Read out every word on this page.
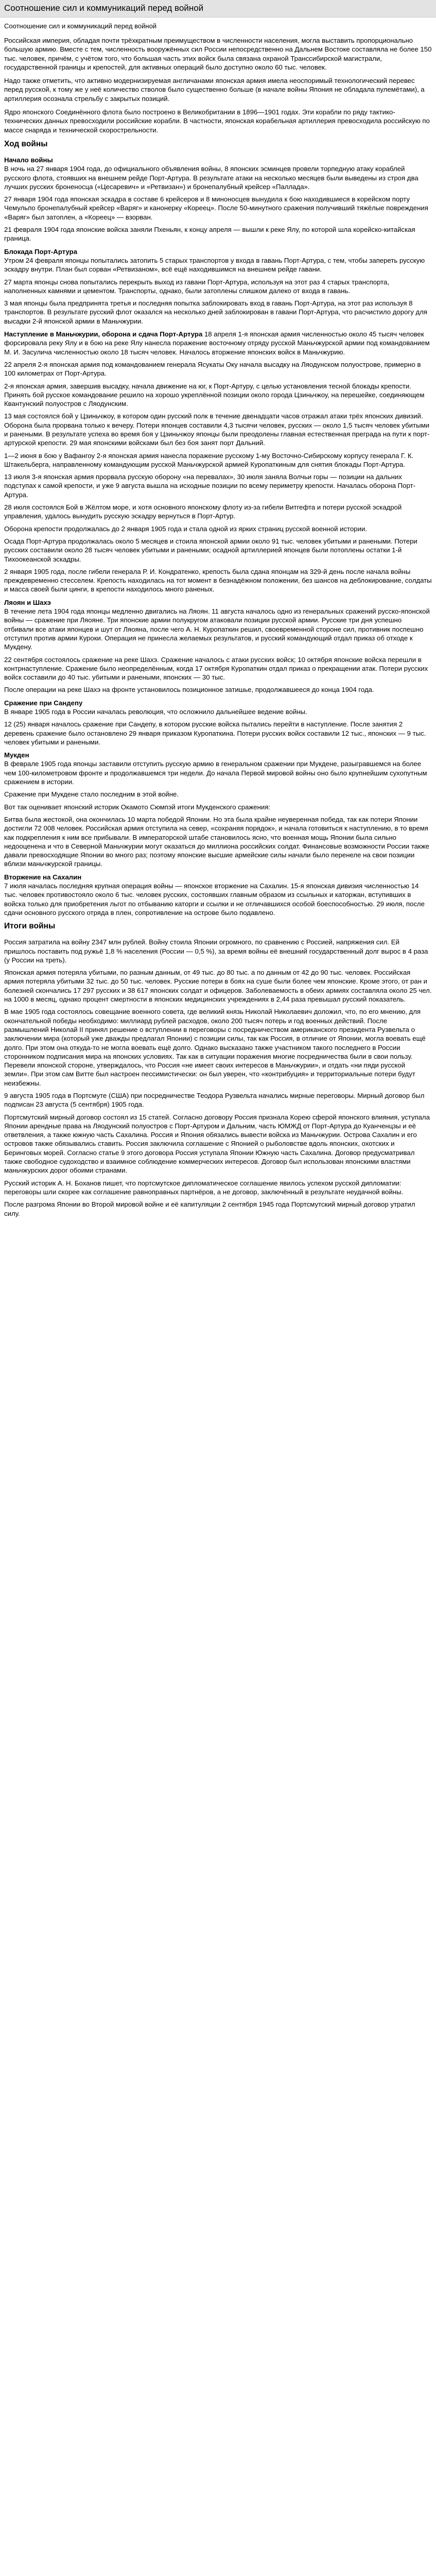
Соотношение сил и коммуникаций перед войной
Соотношение сил и коммуникаций перед войной

Российская империя, обладая почти трёхкратным преимуществом в численности населения, могла выставить пропорционально большую армию. Вместе с тем, численность вооружённых сил России непосредственно на Дальнем Востоке составляла не более 150 тыс. человек, причём, с учётом того, что большая часть этих войск была связана охраной Транссибирской магистрали, государственной границы и крепостей, для активных операций было доступно около 60 тыс. человек.

Надо также отметить, что активно модернизируемая англичанами японская армия имела неоспоримый технологический перевес перед русской, к тому же у неё количество стволов было существенно больше (в начале войны Япония не обладала пулемётами), а артиллерия осознала стрельбу с закрытых позиций.

Ядро японского Соединённого флота было построено в Великобритании в 1896—1901 годах. Эти корабли по ряду тактико-технических данных превосходили российские корабли. В частности, японская корабельная артиллерия превосходила российскую по массе снаряда и технической скорострельности.

Ход войны
Начало войны

В ночь на 27 января 1904 года, до официального объявления войны, 8 японских эсминцев провели торпедную атаку кораблей русского флота, стоявших на внешнем рейде Порт-Артура. В результате атаки на несколько месяцев были выведены из строя два лучших русских броненосца («Цесаревич» и «Ретвизан») и бронепалубный крейсер «Паллада».

27 января 1904 года японская эскадра в составе 6 крейсеров и 8 миноносцев вынудила к бою находившиеся в корейском порту Чемульпо бронепалубный крейсер «Варяг» и канонерку «Кореец». После 50-минутного сражения получивший тяжёлые повреждения «Варяг» был затоплен, а «Кореец» — взорван.

21 февраля 1904 года японские войска заняли Пхеньян, к концу апреля — вышли к реке Ялу, по которой шла корейско-китайская граница.

Блокада Порт-Артура

Утром 24 февраля японцы попытались затопить 5 старых транспортов у входа в гавань Порт-Артура, с тем, чтобы запереть русскую эскадру внутри. План был сорван «Ретвизаном», всё ещё находившимся на внешнем рейде гавани.

27 марта японцы снова попытались перекрыть выход из гавани Порт-Артура, используя на этот раз 4 старых транспорта, наполненных камнями и цементом. Транспорты, однако, были затоплены слишком далеко от входа в гавань.

3 мая японцы была предпринята третья и последняя попытка заблокировать вход в гавань Порт-Артура, на этот раз используя 8 транспортов. В результате русский флот оказался на несколько дней заблокирован в гавани Порт-Артура, что расчистило дорогу для высадки 2-й японской армии в Маньчжурии.

Наступление в Маньчжурии, оборона и сдача Порт-Артура 18 апреля 1-я японская армия численностью около 45 тысяч человек форсировала реку Ялу и в бою на реке Ялу нанесла поражение восточному отряду русской Маньчжурской армии под командованием М. И. Засулича численностью около 18 тысяч человек. Началось вторжение японских войск в Маньчжурию.

22 апреля 2-я японская армия под командованием генерала Ясукаты Оку начала высадку на Ляодунском полуострове, примерно в 100 километрах от Порт-Артура.

2-я японская армия, завершив высадку, начала движение на юг, к Порт-Артуру, с целью установления тесной блокады крепости. Принять бой русское командование решило на хорошо укреплённой позиции около города Цзиньчжоу, на перешейке, соединяющем Квантунский полуостров с Ляодунским.

13 мая состоялся бой у Цзиньчжоу, в котором один русский полк в течение двенадцати часов отражал атаки трёх японских дивизий. Оборона была прорвана только к вечеру. Потери японцев составили 4,3 тысячи человек, русских — около 1,5 тысяч человек убитыми и ранеными. В результате успеха во время боя у Цзиньчжоу японцы были преодолены главная естественная преграда на пути к порт-артурской крепости. 29 мая японскими войсками был без боя занят порт Дальний.

1—2 июня в бою у Вафангоу 2-я японская армия нанесла поражение русскому 1-му Восточно-Сибирскому корпусу генерала Г. К. Штакельберга, направленному командующим русской Маньчжурской армией Куропаткиным для снятия блокады Порт-Артура.

13 июля 3-я японская армия прорвала русскую оборону «на перевалах», 30 июля заняла Волчьи горы — позиции на дальних подступах к самой крепости, и уже 9 августа вышла на исходные позиции по всему периметру крепости. Началась оборона Порт-Артура.

28 июля состоялся Бой в Жёлтом море, и хотя основного японскому флоту из-за гибели Витгефта и потери русской эскадрой управления, удалось вынудить русскую эскадру вернуться в Порт-Артур.

Оборона крепости продолжалась до 2 января 1905 года и стала одной из ярких страниц русской военной истории.

Осада Порт-Артура продолжалась около 5 месяцев и стоила японской армии около 91 тыс. человек убитыми и ранеными. Потери русских составили около 28 тысяч человек убитыми и ранеными; осадной артиллерией японцев были потоплены остатки 1-й Тихоокеанской эскадры.

2 января 1905 года, после гибели генерала Р. И. Кондратенко, крепость была сдана японцам на 329-й день после начала войны преждевременно стесселем. Крепость находилась на тот момент в безнадёжном положении, без шансов на деблокирование, солдаты и масса своей были цинги, в крепости находилось много раненых.

Ляоян и Шахэ

В течение лета 1904 года японцы медленно двигались на Ляоян. 11 августа началось одно из генеральных сражений русско-японской войны — сражение при Ляояне. Три японские армии полукругом атаковали позиции русской армии. Русские три дня успешно отбивали все атаки японцев и шут от Ляояна, после чего А. Н. Куропаткин решил, своевременной стороне сил, противник поспешно отступил против армии Куроки. Операция не принесла желаемых результатов, и русский командующий отдал приказ об отходе к Мукдену.

22 сентября состоялось сражение на реке Шахэ. Сражение началось с атаки русских войск; 10 октября японские войска перешли в контрнаступление. Сражение было неопределённым, когда 17 октября Куропаткин отдал приказ о прекращении атак. Потери русских войск составили до 40 тыс. убитыми и ранеными, японских — 30 тыс.

После операции на реке Шахэ на фронте установилось позиционное затишье, продолжавшееся до конца 1904 года.

Сражение при Сандепу

В январе 1905 года в России началась революция, что осложнило дальнейшее ведение войны.

12 (25) января началось сражение при Сандепу, в котором русские войска пытались перейти в наступление. После занятия 2 деревень сражение было остановлено 29 января приказом Куропаткина. Потери русских войск составили 12 тыс., японских — 9 тыс. человек убитыми и ранеными.

Мукден

В феврале 1905 года японцы заставили отступить русскую армию в генеральном сражении при Мукдене, разыгравшемся на более чем 100-километровом фронте и продолжавшемся три недели. До начала Первой мировой войны оно было крупнейшим сухопутным сражением в истории.

Сражение при Мукдене стало последним в этой войне.

Вот так оценивает японский историк Окамото Сюмпэй итоги Мукденского сражения:

Битва была жестокой, она окончилась 10 марта победой Японии. Но эта была крайне неуверенная победа, так как потери Японии достигли 72 008 человек. Российская армия отступила на север, «сохраняя порядок», и начала готовиться к наступлению, в то время как подкрепления к ним все прибывали. В императорской штабе становилось ясно, что военная мощь Японии была сильно недооценена и что в Северной Маньчжурии могут оказаться до миллиона российских солдат. Финансовые возможности России также давали превосходящие Японии во много раз; поэтому японские высшие армейские силы начали было перенеле на свои позиции вблизи маньчжурской границы.

Вторжение на Сахалин

7 июля началась последняя крупная операция войны — японское вторжение на Сахалин. 15-я японская дивизия численностью 14 тыс. человек противостояло около 6 тыс. человек русских, состоявших главным образом из ссыльных и каторжан, вступивших в войска только для приобретения льгот по отбыванию каторги и ссылки и не отличавшихся особой боеспособностью. 29 июля, после сдачи основного русского отряда в плен, сопротивление на острове было подавлено.

Итоги войны

Россия затратила на войну 2347 млн рублей. Войну стоила Японии огромного, по сравнению с Россией, напряжения сил. Ей пришлось поставить под ружьё 1,8 % населения (России — 0,5 %), за время войны её внешний государственный долг вырос в 4 раза (у России на треть).

Японская армия потеряла убитыми, по разным данным, от 49 тыс. до 80 тыс. а по данным от 42 до 90 тыс. человек. Российская армия потеряла убитыми 32 тыс. до 50 тыс. человек. Русские потери в боях на суше были более чем японские. Кроме этого, от ран и болезней скончались 17 297 русских и 38 617 японских солдат и офицеров. Заболеваемость в обеих армиях составляла около 25 чел. на 1000 в месяц, однако процент смертности в японских медицинских учреждениях в 2,44 раза превышал русский показатель.

В мае 1905 года состоялось совещание военного совета, где великий князь Николай Николаевич доложил, что, по его мнению, для окончательной победы необходимо: миллиард рублей расходов, около 200 тысяч потерь и год военных действий. После размышлений Николай II принял решение о вступлении в переговоры с посредничеством американского президента Рузвельта о заключении мира (который уже дважды предлагал Японии) с позиции силы, так как Россия, в отличие от Японии, могла воевать ещё долго. При этом она откуда-то не могла воевать ещё долго. Однако высказано также участником такого последнего в России сторонником подписания мира на японских условиях. Так как в ситуации поражения многие посредничества были в свои пользу. Перевели японской стороне, утверждалось, что Россия «не имеет своих интересов в Маньчжурии», и отдать «ни пяди русской земли». При этом сам Витте был настроен пессимистически: он был уверен, что «контрибуция» и территориальные потери будут неизбежны.

9 августа 1905 года в Портсмуте (США) при посредничестве Теодора Рузвельта начались мирные переговоры. Мирный договор был подписан 23 августа (5 сентября) 1905 года.

Портсмутский мирный договор состоял из 15 статей. Согласно договору Россия признала Корею сферой японского влияния, уступала Японии арендные права на Ляодунский полуостров с Порт-Артуром и Дальним, часть ЮМЖД от Порт-Артура до Куанченцзы и её ответвления, а также южную часть Сахалина. Россия и Япония обязались вывести войска из Маньчжурии. Острова Сахалин и его островов также обязывались ставить. Россия заключила соглашение с Японией о рыболовстве вдоль японских, охотских и Беринговых морей. Согласно статье 9 этого договора Россия уступала Японии Южную часть Сахалина. Договор предусматривал также свободное судоходство и взаимное соблюдение коммерческих интересов. Договор был использован японскими властями маньчжурских дорог обоими странами.

Русский историк А. Н. Боханов пишет, что портсмутское дипломатическое соглашение явилось успехом русской дипломатии: переговоры шли скорее как соглашение равноправных партнёров, а не договор, заключённый в результате неудачной войны.

После разгрома Японии во Второй мировой войне и её капитуляции 2 сентября 1945 года Портсмутский мирный договор утратил силу.
